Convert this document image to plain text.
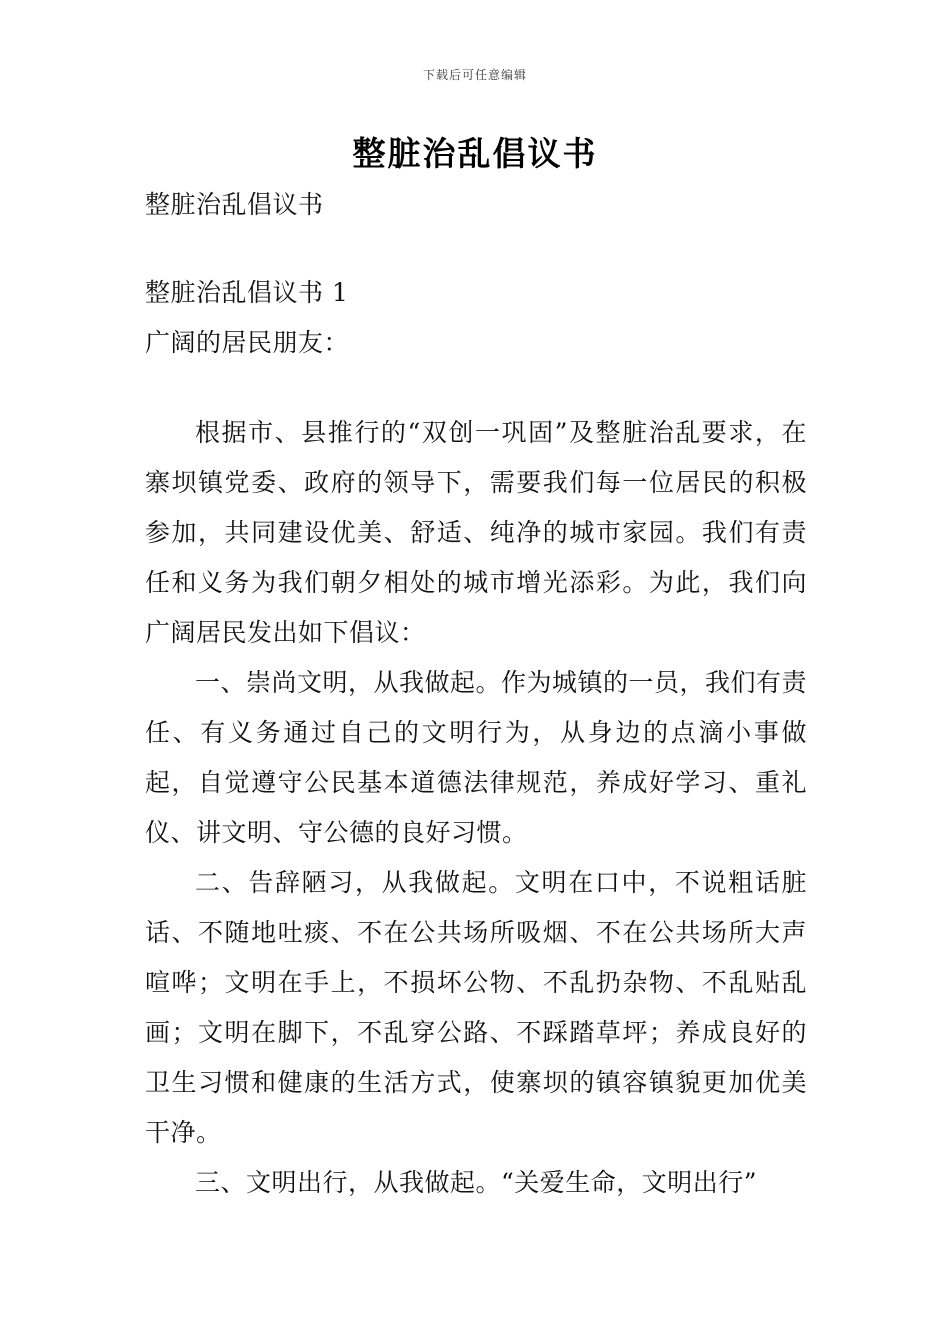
下载后可任意编辑
整脏治乱倡议书
整脏治乱倡议书
整脏治乱倡议书 1
广阔的居民朋友：
根据市、县推行的“双创一巩固”及整脏治乱要求，在寨坝镇党委、政府的领导下，需要我们每一位居民的积极参加，共同建设优美、舒适、纯净的城市家园。我们有责任和义务为我们朝夕相处的城市增光添彩。为此，我们向广阔居民发出如下倡议：
一、崇尚文明，从我做起。作为城镇的一员，我们有责任、有义务通过自己的文明行为，从身边的点滴小事做起，自觉遵守公民基本道德法律规范，养成好学习、重礼仪、讲文明、守公德的良好习惯。
二、告辞陋习，从我做起。文明在口中，不说粗话脏话、不随地吐痰、不在公共场所吸烟、不在公共场所大声喧哗；文明在手上，不损坏公物、不乱扔杂物、不乱贴乱画；文明在脚下，不乱穿公路、不踩踏草坪；养成良好的卫生习惯和健康的生活方式，使寨坝的镇容镇貌更加优美干净。
三、文明出行，从我做起。“关爱生命，文明出行”
